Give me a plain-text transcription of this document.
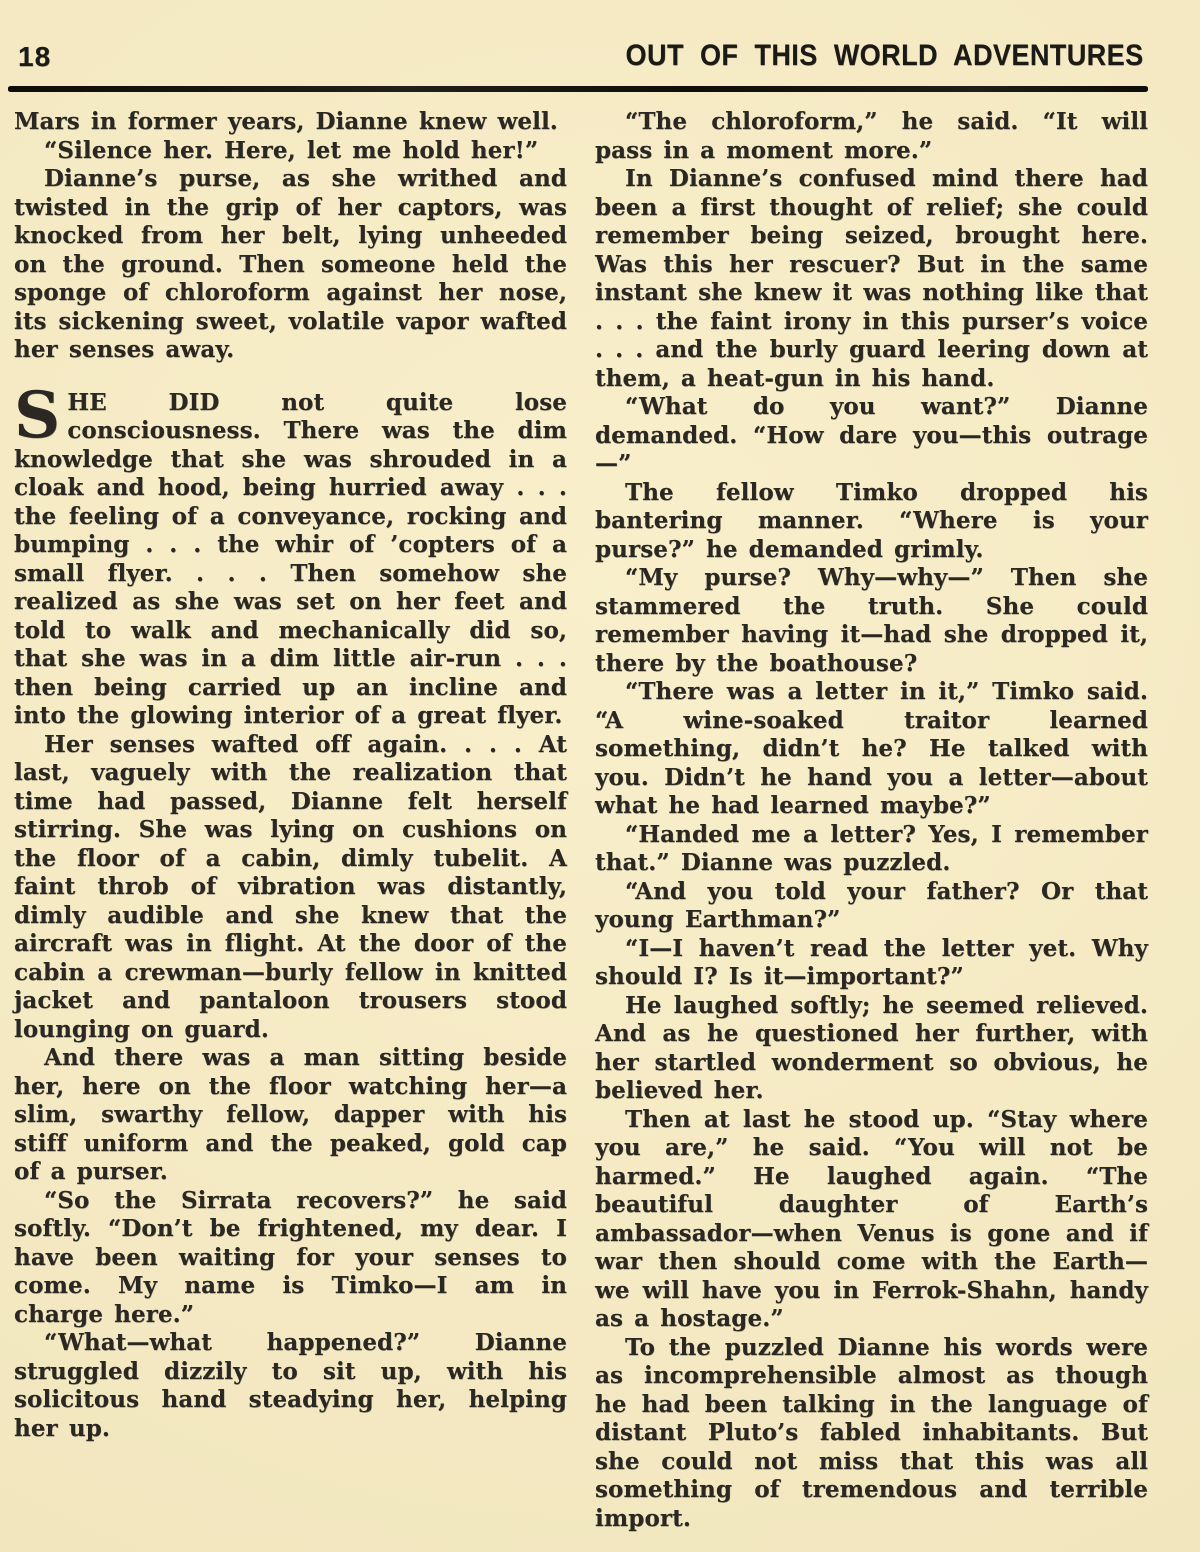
18	OUT OF THIS WORLD ADVENTURES

Mars in former years, Dianne knew well.

“Silence her. Here, let me hold her!”

Dianne’s purse, as she writhed and twisted in the grip of her captors, was knocked from her belt, lying unheeded on the ground. Then someone held the sponge of chloroform against her nose, its sickening sweet, volatile vapor wafted her senses away.

SHE DID not quite lose consciousness. There was the dim knowledge that she was shrouded in a cloak and hood, being hurried away . . . the feeling of a conveyance, rocking and bumping . . . the whir of ’copters of a small flyer. . . . Then somehow she realized as she was set on her feet and told to walk and mechanically did so, that she was in a dim little air-run . . . then being carried up an incline and into the glowing interior of a great flyer.

Her senses wafted off again. . . . At last, vaguely with the realization that time had passed, Dianne felt herself stirring. She was lying on cushions on the floor of a cabin, dimly tubelit. A faint throb of vibration was distantly, dimly audible and she knew that the aircraft was in flight. At the door of the cabin a crewman—burly fellow in knitted jacket and pantaloon trousers stood lounging on guard.

And there was a man sitting beside her, here on the floor watching her—a slim, swarthy fellow, dapper with his stiff uniform and the peaked, gold cap of a purser.

“So the Sirrata recovers?” he said softly. “Don’t be frightened, my dear. I have been waiting for your senses to come. My name is Timko—I am in charge here.”

“What—what happened?” Dianne struggled dizzily to sit up, with his solicitous hand steadying her, helping her up.

“The chloroform,” he said. “It will pass in a moment more.”

In Dianne’s confused mind there had been a first thought of relief; she could remember being seized, brought here. Was this her rescuer? But in the same instant she knew it was nothing like that . . . the faint irony in this purser’s voice . . . and the burly guard leering down at them, a heat-gun in his hand.

“What do you want?” Dianne demanded. “How dare you—this outrage—”

The fellow Timko dropped his bantering manner. “Where is your purse?” he demanded grimly.

“My purse? Why—why—” Then she stammered the truth. She could remember having it—had she dropped it, there by the boathouse?

“There was a letter in it,” Timko said. “A wine-soaked traitor learned something, didn’t he? He talked with you. Didn’t he hand you a letter—about what he had learned maybe?”

“Handed me a letter? Yes, I remember that.” Dianne was puzzled.

“And you told your father? Or that young Earthman?”

“I—I haven’t read the letter yet. Why should I? Is it—important?”

He laughed softly; he seemed relieved. And as he questioned her further, with her startled wonderment so obvious, he believed her.

Then at last he stood up. “Stay where you are,” he said. “You will not be harmed.” He laughed again. “The beautiful daughter of Earth’s ambassador—when Venus is gone and if war then should come with the Earth—we will have you in Ferrok-Shahn, handy as a hostage.”

To the puzzled Dianne his words were as incomprehensible almost as though he had been talking in the language of distant Pluto’s fabled inhabitants. But she could not miss that this was all something of tremendous and terrible import.
